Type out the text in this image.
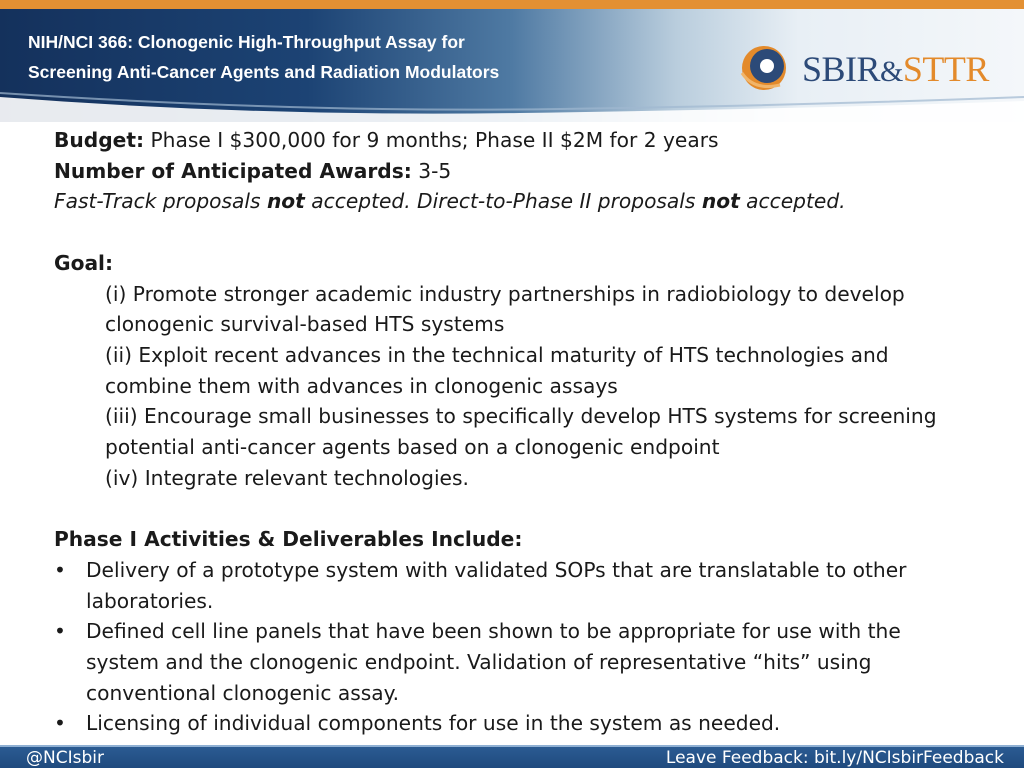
NIH/NCI 366: Clonogenic High-Throughput Assay for
Screening Anti-Cancer Agents and Radiation Modulators	SBIR&STTR
Budget: Phase I $300,000 for 9 months; Phase II $2M for 2 years
Number of Anticipated Awards: 3-5
Fast-Track proposals not accepted. Direct-to-Phase II proposals not accepted.
Goal:
(i) Promote stronger academic industry partnerships in radiobiology to develop
clonogenic survival-based HTS systems
(ii) Exploit recent advances in the technical maturity of HTS technologies and
combine them with advances in clonogenic assays
(iii) Encourage small businesses to specifically develop HTS systems for screening
potential anti-cancer agents based on a clonogenic endpoint
(iv) Integrate relevant technologies.
Phase I Activities & Deliverables Include:
• Delivery of a prototype system with validated SOPs that are translatable to other
laboratories.
• Defined cell line panels that have been shown to be appropriate for use with the
system and the clonogenic endpoint. Validation of representative “hits” using
conventional clonogenic assay.
• Licensing of individual components for use in the system as needed.
@NCIsbir	Leave Feedback: bit.ly/NCIsbirFeedback
